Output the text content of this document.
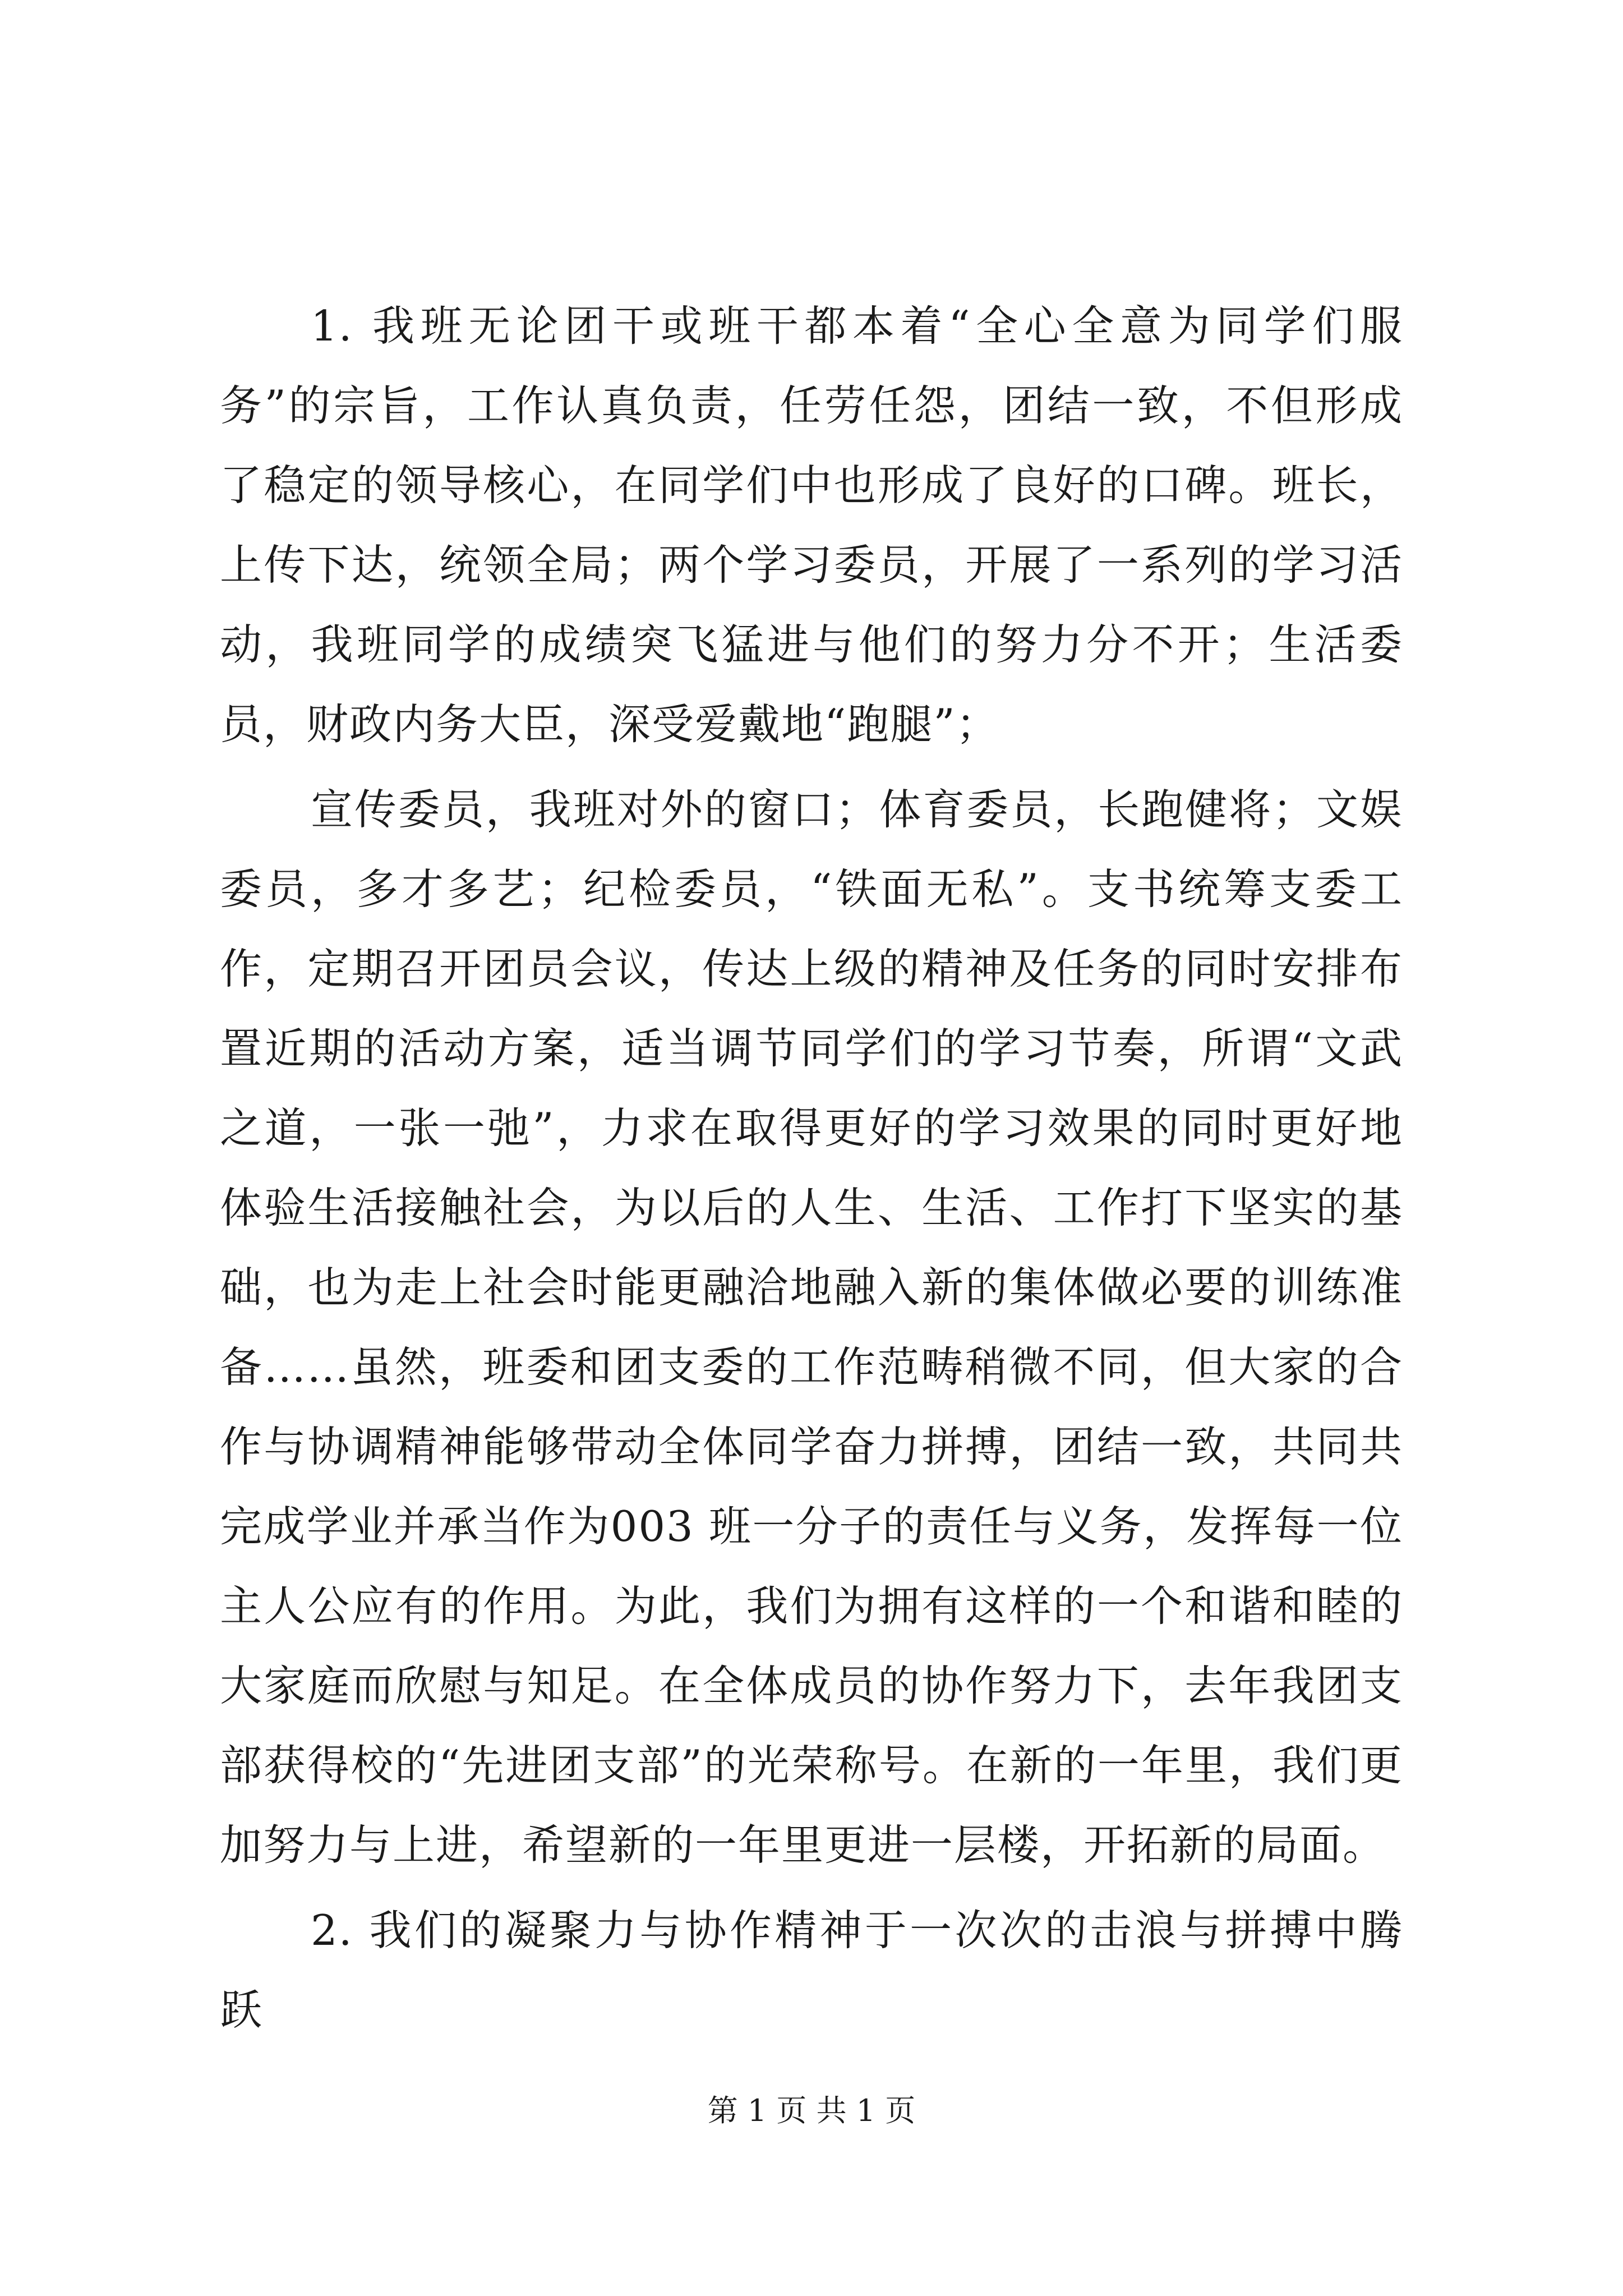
1. 我班无论团干或班干都本着“全心全意为同学们服务”的宗旨，工作认真负责，任劳任怨，团结一致，不但形成了稳定的领导核心，在同学们中也形成了良好的口碑。班长，上传下达，统领全局；两个学习委员，开展了一系列的学习活动，我班同学的成绩突飞猛进与他们的努力分不开；生活委员，财政内务大臣，深受爱戴地“跑腿”；

宣传委员，我班对外的窗口；体育委员，长跑健将；文娱委员，多才多艺；纪检委员，“铁面无私”。支书统筹支委工作，定期召开团员会议，传达上级的精神及任务的同时安排布置近期的活动方案，适当调节同学们的学习节奏，所谓“文武之道，一张一弛”，力求在取得更好的学习效果的同时更好地体验生活接触社会，为以后的人生、生活、工作打下坚实的基础，也为走上社会时能更融洽地融入新的集体做必要的训练准备……虽然，班委和团支委的工作范畴稍微不同，但大家的合作与协调精神能够带动全体同学奋力拼搏，团结一致，共同共完成学业并承当作为003 班一分子的责任与义务，发挥每一位主人公应有的作用。为此，我们为拥有这样的一个和谐和睦的大家庭而欣慰与知足。在全体成员的协作努力下，去年我团支部获得校的“先进团支部”的光荣称号。在新的一年里，我们更加努力与上进，希望新的一年里更进一层楼，开拓新的局面。

2. 我们的凝聚力与协作精神于一次次的击浪与拼搏中腾跃

第 1 页 共 1 页
